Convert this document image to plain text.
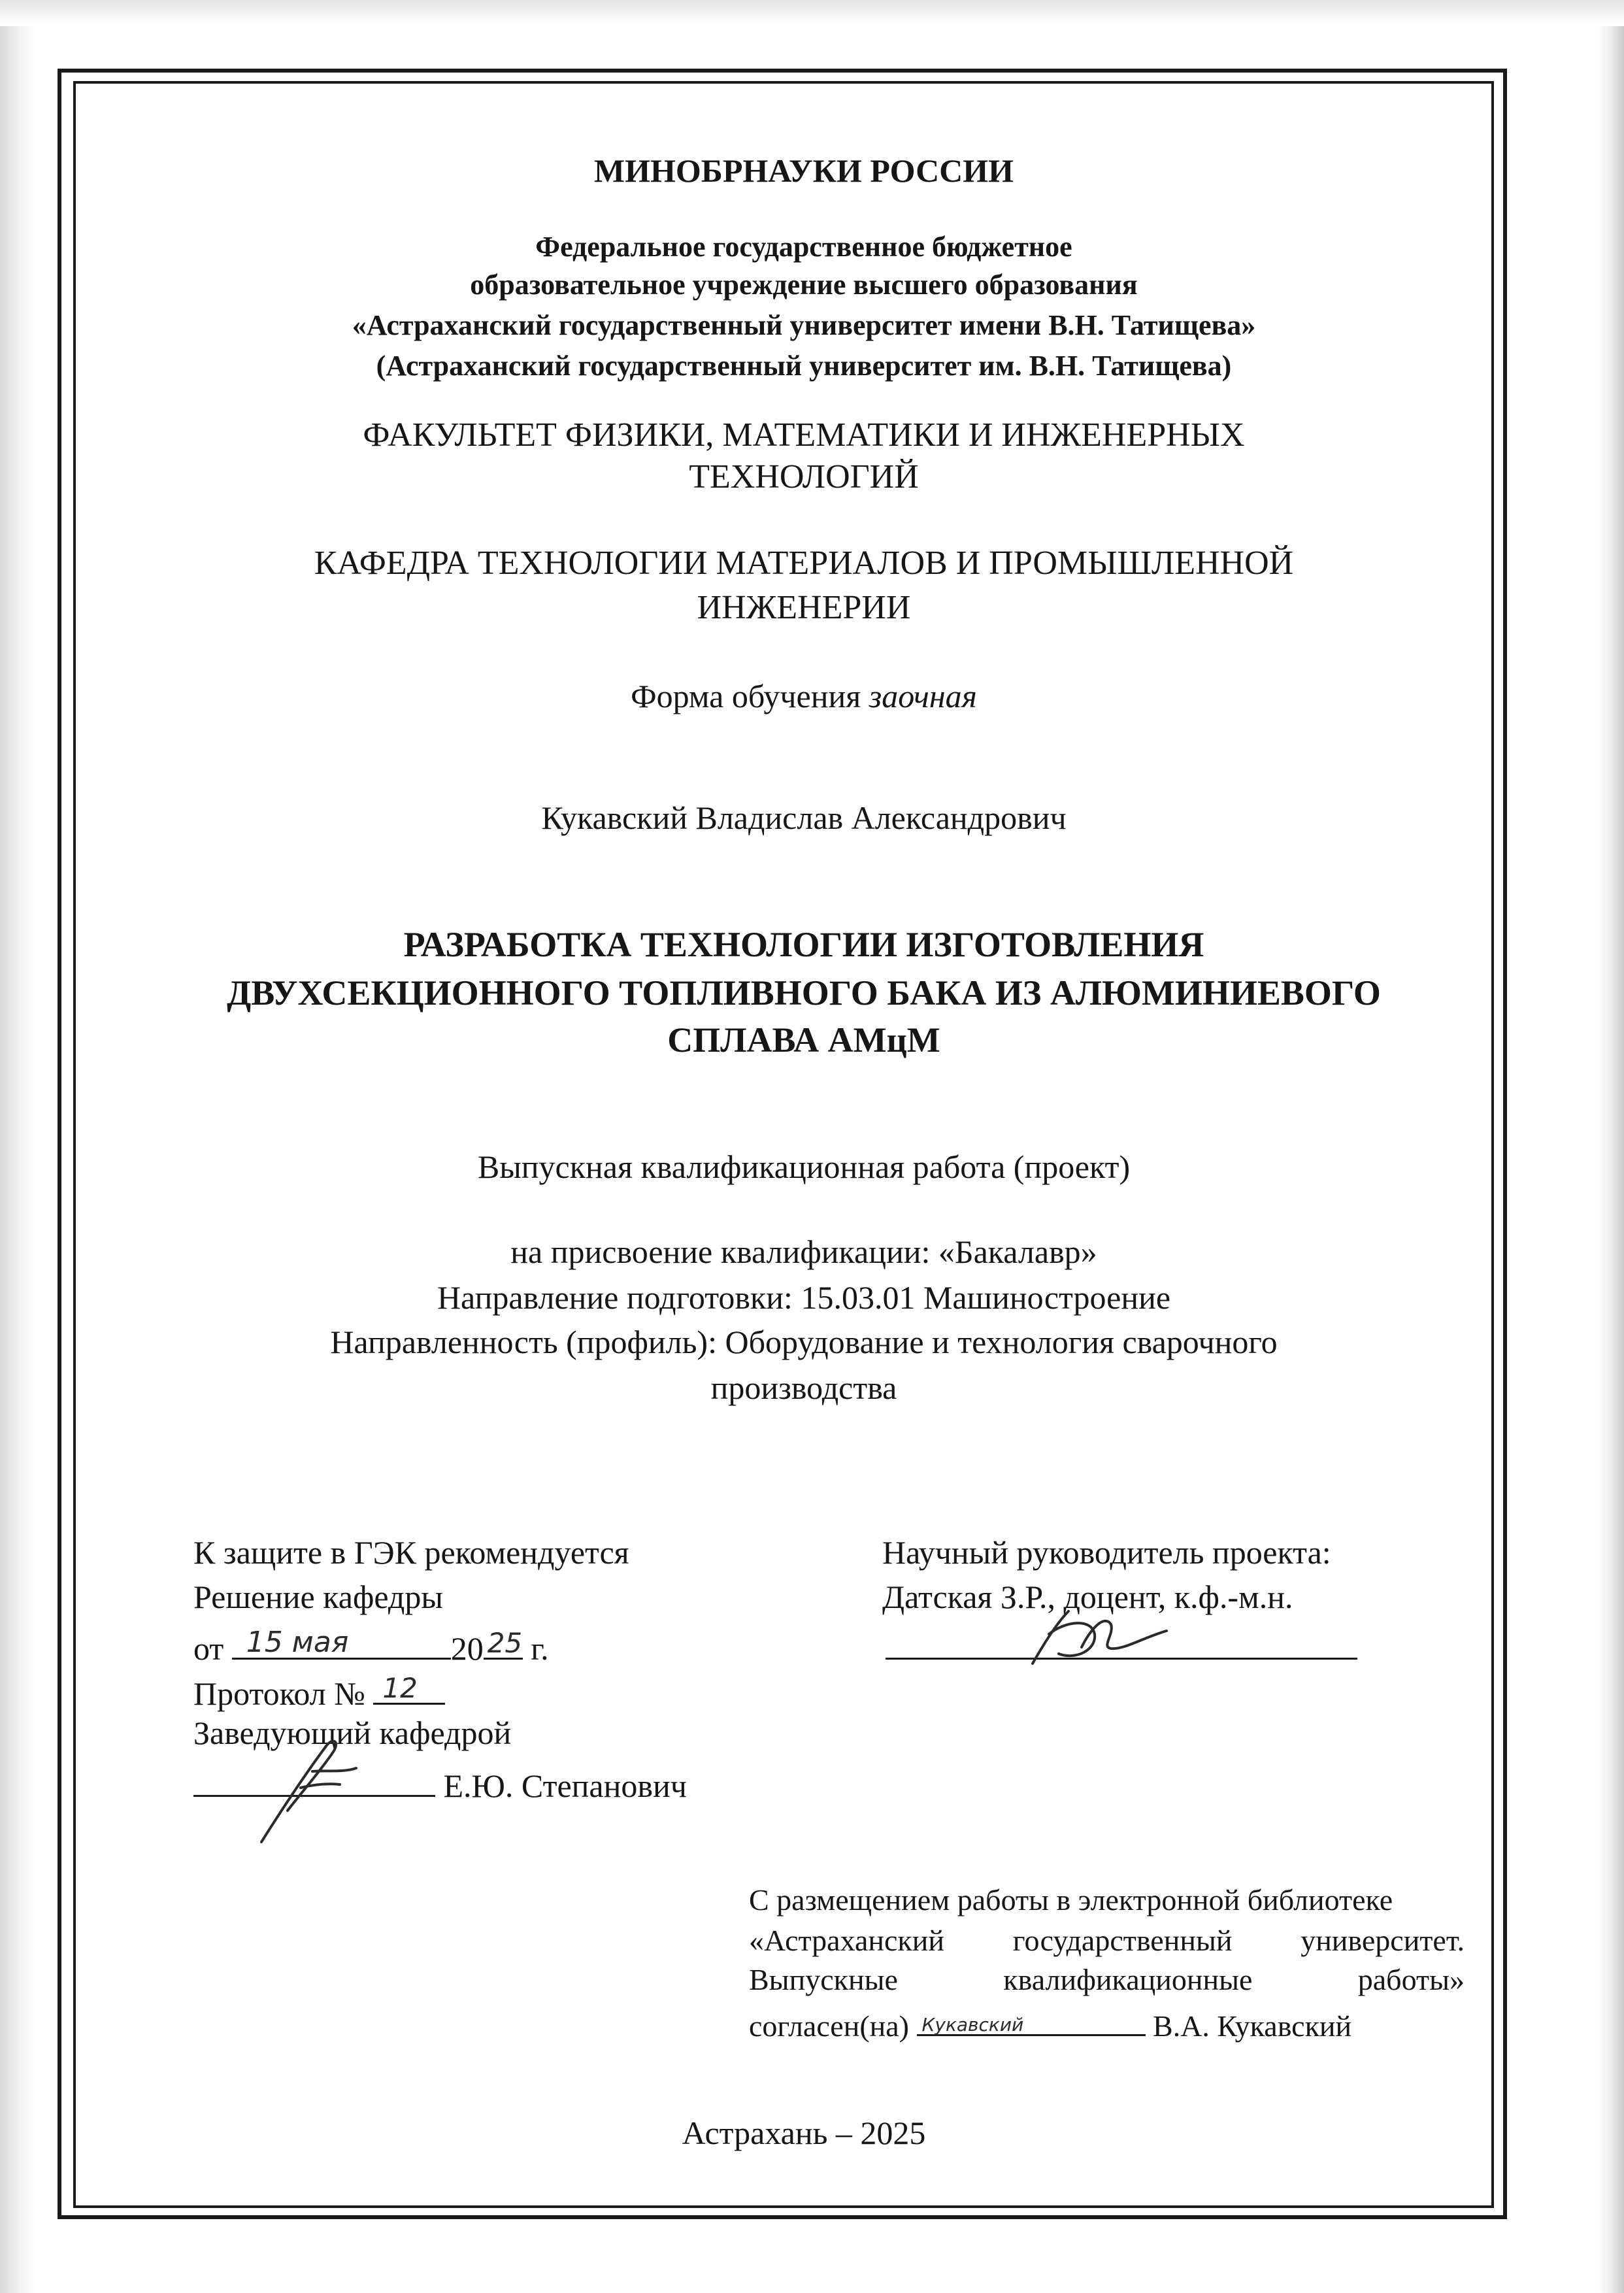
МИНОБРНАУКИ РОССИИ
Федеральное государственное бюджетное
образовательное учреждение высшего образования
«Астраханский государственный университет имени В.Н. Татищева»
(Астраханский государственный университет им. В.Н. Татищева)
ФАКУЛЬТЕТ ФИЗИКИ, МАТЕМАТИКИ И ИНЖЕНЕРНЫХ
ТЕХНОЛОГИЙ
КАФЕДРА ТЕХНОЛОГИИ МАТЕРИАЛОВ И ПРОМЫШЛЕННОЙ
ИНЖЕНЕРИИ
Форма обучения заочная
Кукавский Владислав Александрович
РАЗРАБОТКА ТЕХНОЛОГИИ ИЗГОТОВЛЕНИЯ
ДВУХСЕКЦИОННОГО ТОПЛИВНОГО БАКА ИЗ АЛЮМИНИЕВОГО
СПЛАВА АМцМ
Выпускная квалификационная работа (проект)
на присвоение квалификации: «Бакалавр»
Направление подготовки: 15.03.01 Машиностроение
Направленность (профиль): Оборудование и технология сварочного
производства
К защите в ГЭК рекомендуется
Решение кафедры
от 15 мая	20 25 г.
Протокол № 12
Заведующий кафедрой
Е.Ю. Степанович
Научный руководитель проекта:
Датская З.Р., доцент, к.ф.-м.н.
С размещением работы в электронной библиотеке
«Астраханский государственный университет.
Выпускные	квалификационные	работы»
согласен(на) Кукавский	В.А. Кукавский
Астрахань – 2025
